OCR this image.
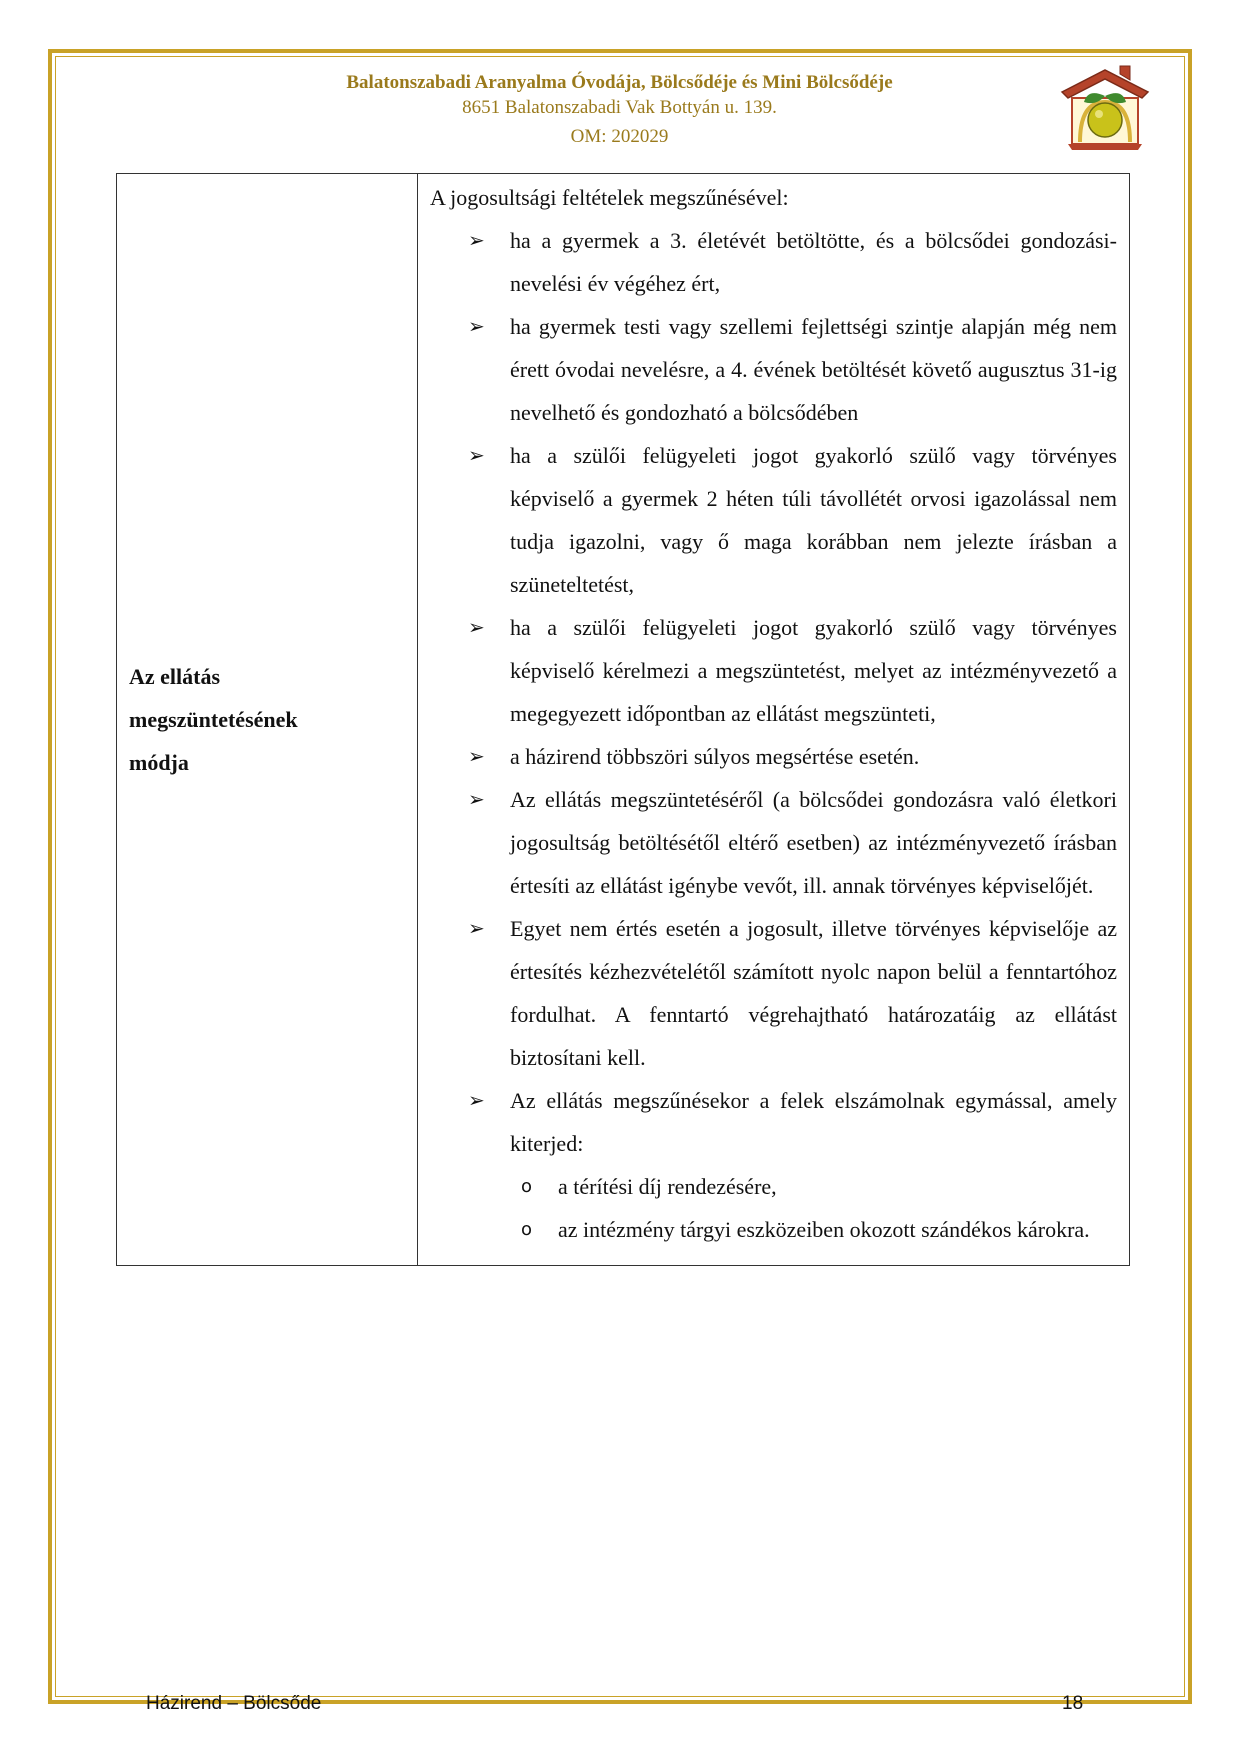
Balatonszabadi Aranyalma Óvodája, Bölcsődéje és Mini Bölcsődéje
8651 Balatonszabadi Vak Bottyán u. 139.
OM: 202029
Az ellátás
megszüntetésének
módja

A jogosultsági feltételek megszűnésével:
➢ ha a gyermek a 3. életévét betöltötte, és a bölcsődei gondozási-nevelési év végéhez ért,
➢ ha gyermek testi vagy szellemi fejlettségi szintje alapján még nem érett óvodai nevelésre, a 4. évének betöltését követő augusztus 31-ig nevelhető és gondozható a bölcsődében
➢ ha a szülői felügyeleti jogot gyakorló szülő vagy törvényes képviselő a gyermek 2 héten túli távollétét orvosi igazolással nem tudja igazolni, vagy ő maga korábban nem jelezte írásban a szüneteltetést,
➢ ha a szülői felügyeleti jogot gyakorló szülő vagy törvényes képviselő kérelmezi a megszüntetést, melyet az intézményvezető a megegyezett időpontban az ellátást megszünteti,
➢ a házirend többszöri súlyos megsértése esetén.
➢ Az ellátás megszüntetéséről (a bölcsődei gondozásra való életkori jogosultság betöltésétől eltérő esetben) az intézményvezető írásban értesíti az ellátást igénybe vevőt, ill. annak törvényes képviselőjét.
➢ Egyet nem értés esetén a jogosult, illetve törvényes képviselője az értesítés kézhezvételétől számított nyolc napon belül a fenntartóhoz fordulhat. A fenntartó végrehajtható határozatáig az ellátást biztosítani kell.
➢ Az ellátás megszűnésekor a felek elszámolnak egymással, amely kiterjed:
o a térítési díj rendezésére,
o az intézmény tárgyi eszközeiben okozott szándékos károkra.
Házirend – Bölcsőde	18
